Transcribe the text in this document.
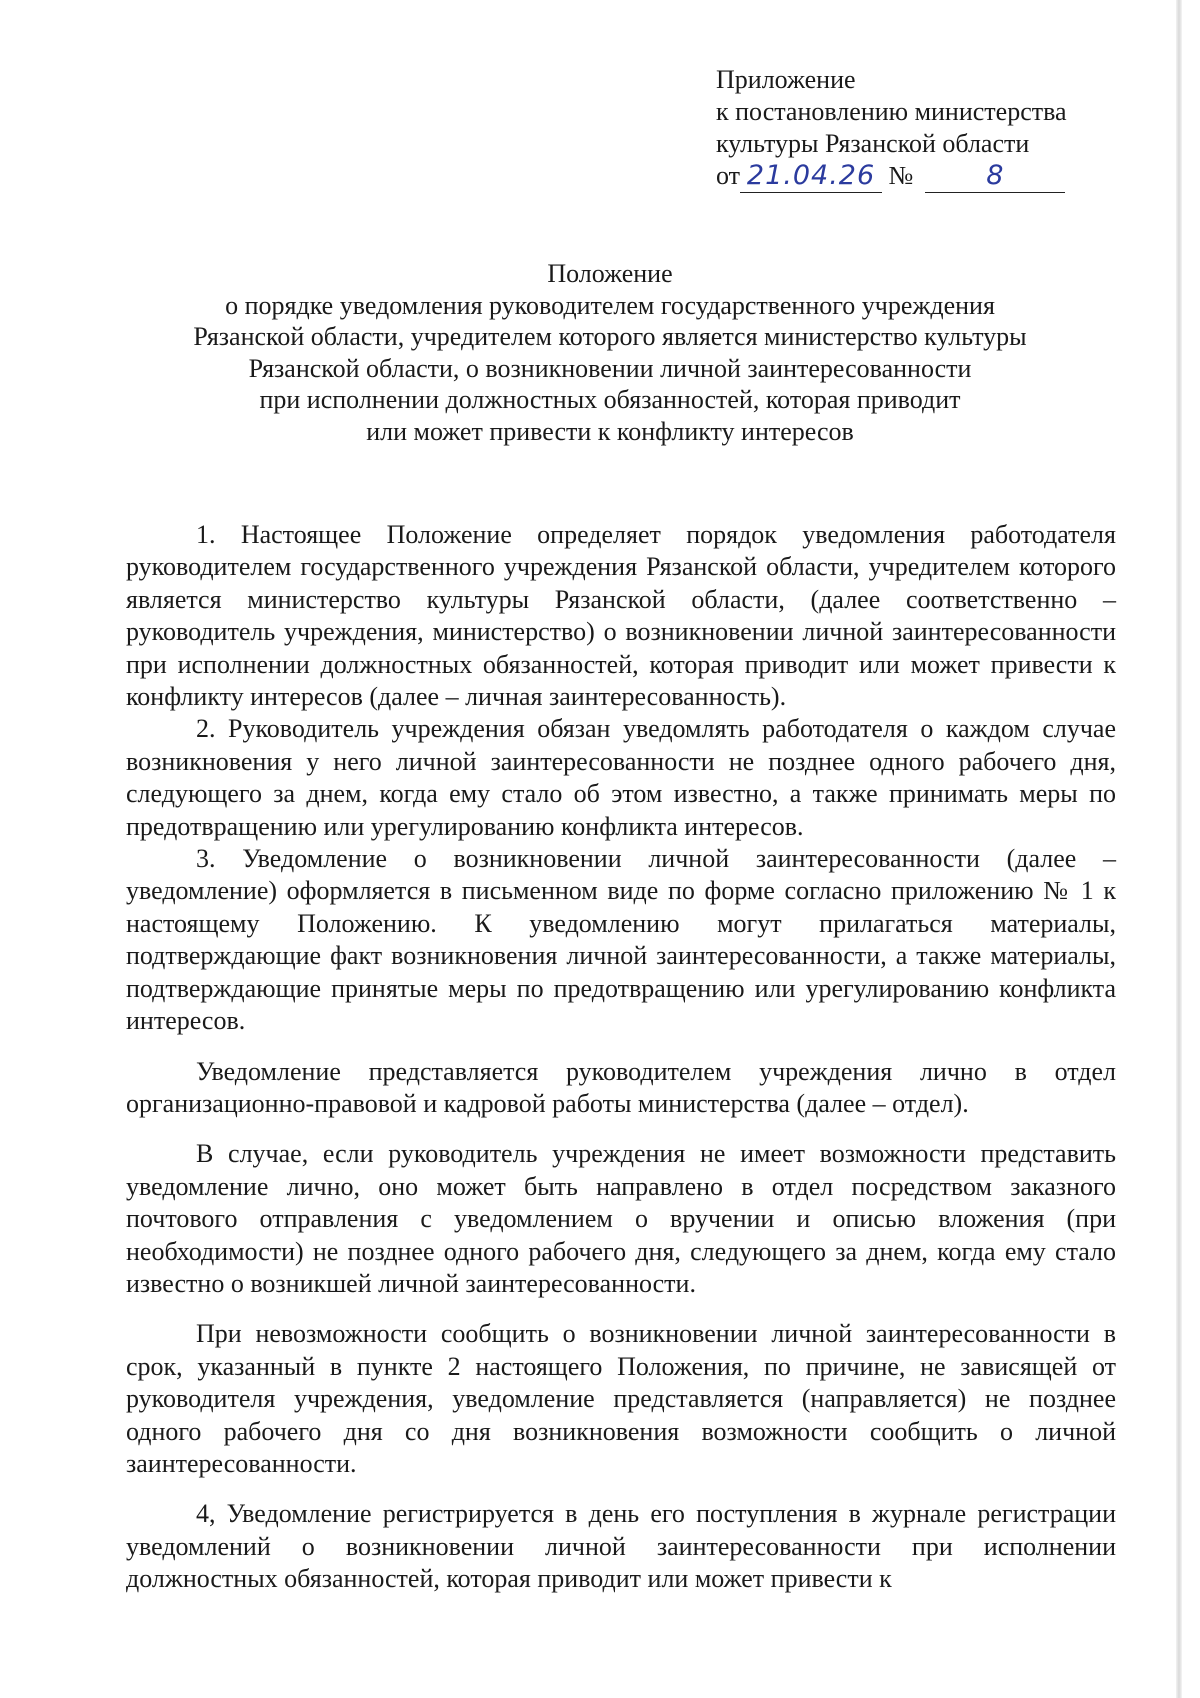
Приложение
к постановлению министерства
культуры Рязанской области
от 21.04.26 №	8
Положение
о порядке уведомления руководителем государственного учреждения
Рязанской области, учредителем которого является министерство культуры
Рязанской области, о возникновении личной заинтересованности
при исполнении должностных обязанностей, которая приводит
или может привести к конфликту интересов

1. Настоящее Положение определяет порядок уведомления работодателя руководителем государственного учреждения Рязанской области, учредителем которого является министерство культуры Рязанской области, (далее соответственно – руководитель учреждения, министерство) о возникновении личной заинтересованности при исполнении должностных обязанностей, которая приводит или может привести к конфликту интересов (далее – личная заинтересованность).

2. Руководитель учреждения обязан уведомлять работодателя о каждом случае возникновения у него личной заинтересованности не позднее одного рабочего дня, следующего за днем, когда ему стало об этом известно, а также принимать меры по предотвращению или урегулированию конфликта интересов.

3. Уведомление о возникновении личной заинтересованности (далее – уведомление) оформляется в письменном виде по форме согласно приложению № 1 к настоящему Положению. К уведомлению могут прилагаться материалы, подтверждающие факт возникновения личной заинтересованности, а также материалы, подтверждающие принятые меры по предотвращению или урегулированию конфликта интересов.

Уведомление представляется руководителем учреждения лично в отдел организационно-правовой и кадровой работы министерства (далее – отдел).

В случае, если руководитель учреждения не имеет возможности представить уведомление лично, оно может быть направлено в отдел посредством заказного почтового отправления с уведомлением о вручении и описью вложения (при необходимости) не позднее одного рабочего дня, следующего за днем, когда ему стало известно о возникшей личной заинтересованности.

При невозможности сообщить о возникновении личной заинтересованности в срок, указанный в пункте 2 настоящего Положения, по причине, не зависящей от руководителя учреждения, уведомление представляется (направляется) не позднее одного рабочего дня со дня возникновения возможности сообщить о личной заинтересованности.

4, Уведомление регистрируется в день его поступления в журнале регистрации уведомлений о возникновении личной заинтересованности при исполнении должностных обязанностей, которая приводит или может привести к
